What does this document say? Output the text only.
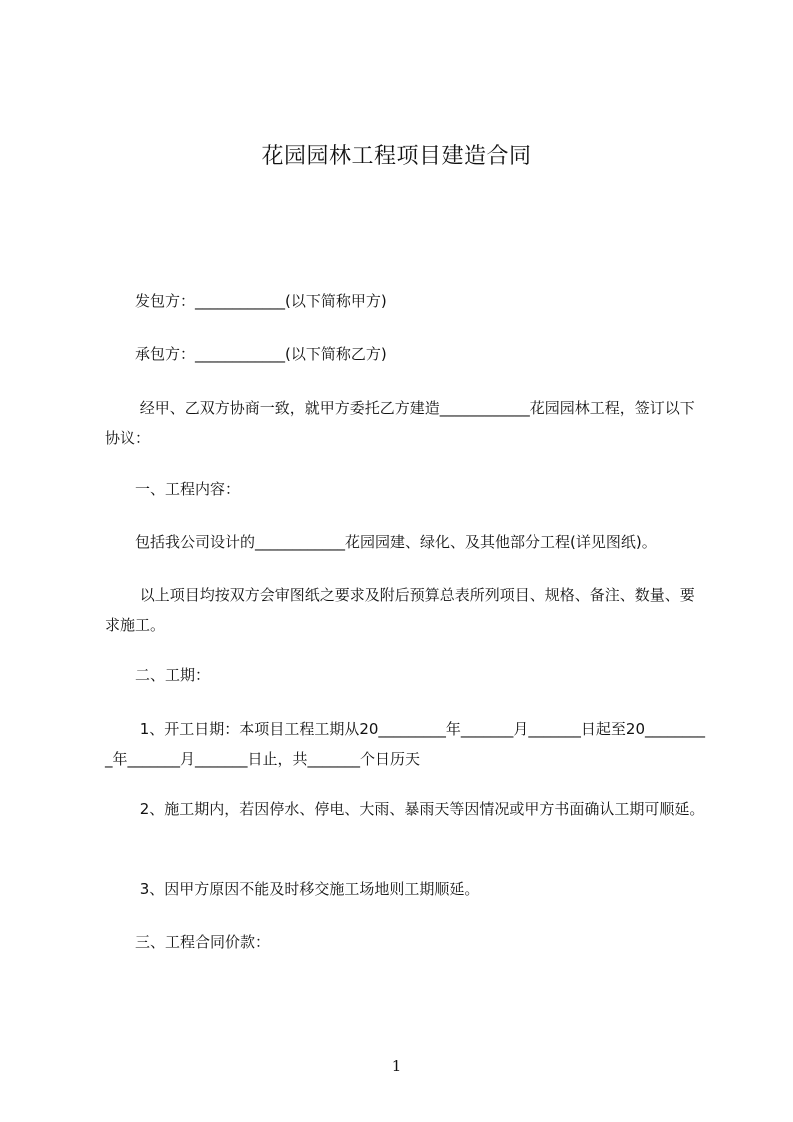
花园园林工程项目建造合同

　　发包方：____________(以下简称甲方)

　　承包方：____________(以下简称乙方)

　　 经甲、乙双方协商一致，就甲方委托乙方建造____________花园园林工程，签订以下协议：

　　一、工程内容：

　　包括我公司设计的____________花园园建、绿化、及其他部分工程(详见图纸)。

　　 以上项目均按双方会审图纸之要求及附后预算总表所列项目、规格、备注、数量、要求施工。

　　二、工期：

　　 1、开工日期：本项目工程工期从20_________年_______月_______日起至20_________年_______月_______日止，共_______个日历天

　　 2、施工期内，若因停水、停电、大雨、暴雨天等因情况或甲方书面确认工期可顺延。

　　 3、因甲方原因不能及时移交施工场地则工期顺延。

　　三、工程合同价款：

1
